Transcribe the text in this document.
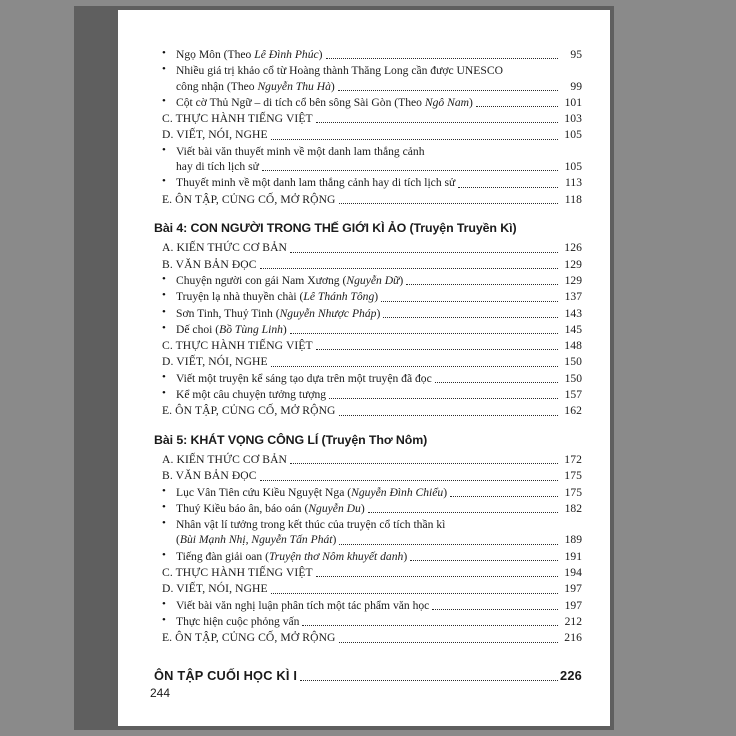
• Ngọ Môn (Theo Lê Đình Phúc)	95
• Nhiều giá trị khảo cổ từ Hoàng thành Thăng Long cần được UNESCO
công nhận (Theo Nguyễn Thu Hà)	99
• Cột cờ Thủ Ngữ – di tích cổ bên sông Sài Gòn (Theo Ngô Nam)	101
C. THỰC HÀNH TIẾNG VIỆT	103
D. VIẾT, NÓI, NGHE	105
• Viết bài văn thuyết minh về một danh lam thắng cảnh
hay di tích lịch sử	105
• Thuyết minh về một danh lam thắng cảnh hay di tích lịch sử	113
E. ÔN TẬP, CỦNG CỐ, MỞ RỘNG	118
Bài 4: CON NGƯỜI TRONG THẾ GIỚI KÌ ẢO (Truyện Truyền Kì)
A. KIẾN THỨC CƠ BẢN	126
B. VĂN BẢN ĐỌC	129
• Chuyện người con gái Nam Xương (Nguyễn Dữ)	129
• Truyện lạ nhà thuyền chài (Lê Thánh Tông)	137
• Sơn Tinh, Thuỷ Tinh (Nguyễn Nhược Pháp)	143
• Dế choi (Bồ Tùng Linh)	145
C. THỰC HÀNH TIẾNG VIỆT	148
D. VIẾT, NÓI, NGHE	150
• Viết một truyện kể sáng tạo dựa trên một truyện đã đọc	150
• Kể một câu chuyện tưởng tượng	157
E. ÔN TẬP, CỦNG CỐ, MỞ RỘNG	162
Bài 5: KHÁT VỌNG CÔNG LÍ (Truyện Thơ Nôm)
A. KIẾN THỨC CƠ BẢN	172
B. VĂN BẢN ĐỌC	175
• Lục Vân Tiên cứu Kiều Nguyệt Nga (Nguyễn Đình Chiểu)	175
• Thuý Kiều báo ân, báo oán (Nguyễn Du)	182
• Nhân vật lí tưởng trong kết thúc của truyện cổ tích thần kì
(Bùi Mạnh Nhị, Nguyễn Tấn Phát)	189
• Tiếng đàn giải oan (Truyện thơ Nôm khuyết danh)	191
C. THỰC HÀNH TIẾNG VIỆT	194
D. VIẾT, NÓI, NGHE	197
• Viết bài văn nghị luận phân tích một tác phẩm văn học	197
• Thực hiện cuộc phỏng vấn	212
E. ÔN TẬP, CỦNG CỐ, MỞ RỘNG	216
ÔN TẬP CUỐI HỌC KÌ I	226
244
